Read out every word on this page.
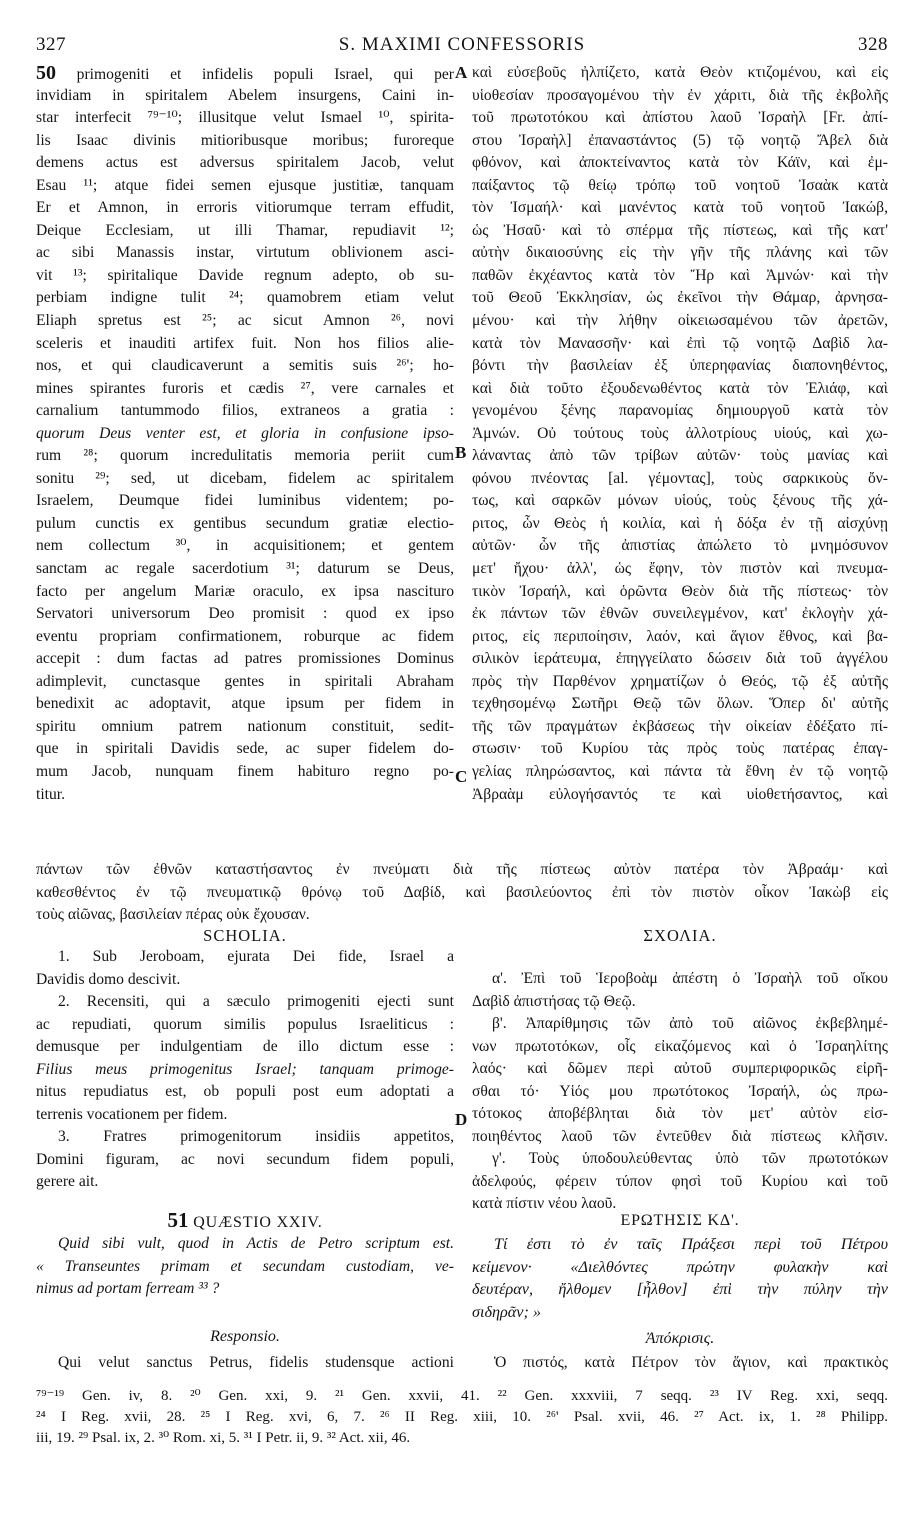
327	S. MAXIMI CONFESSORIS	328
A
B
C
D
50 primogeniti et infidelis populi Israel, qui per
invidiam in spiritalem Abelem insurgens, Caini in-
star interfecit ⁷⁹⁻¹⁰; illusitque velut Ismael ¹⁰, spirita-
lis Isaac divinis mitioribusque moribus; furoreque
demens actus est adversus spiritalem Jacob, velut
Esau ¹¹; atque fidei semen ejusque justitiæ, tanquam
Er et Amnon, in erroris vitiorumque terram effudit,
Deique Ecclesiam, ut illi Thamar, repudiavit ¹²;
ac sibi Manassis instar, virtutum oblivionem asci-
vit ¹³; spiritalique Davide regnum adepto, ob su-
perbiam indigne tulit ²⁴; quamobrem etiam velut
Eliaph spretus est ²⁵; ac sicut Amnon ²⁶, novi
sceleris et inauditi artifex fuit. Non hos filios alie-
nos, et qui claudicaverunt a semitis suis ²⁶'; ho-
mines spirantes furoris et cædis ²⁷, vere carnales et
carnalium tantummodo filios, extraneos a gratia :
quorum Deus venter est, et gloria in confusione ipso-
rum ²⁸; quorum incredulitatis memoria periit cum
sonitu ²⁹; sed, ut dicebam, fidelem ac spiritalem
Israelem, Deumque fidei luminibus videntem; po-
pulum cunctis ex gentibus secundum gratiæ electio-
nem collectum ³⁰, in acquisitionem; et gentem
sanctam ac regale sacerdotium ³¹; daturum se Deus,
facto per angelum Mariæ oraculo, ex ipsa nascituro
Servatori universorum Deo promisit : quod ex ipso
eventu propriam confirmationem, roburque ac fidem
accepit : dum factas ad patres promissiones Dominus
adimplevit, cunctasque gentes in spiritali Abraham
benedixit ac adoptavit, atque ipsum per fidem in
spiritu omnium patrem nationum constituit, sedit-
que in spiritali Davidis sede, ac super fidelem do-
mum Jacob, nunquam finem habituro regno po-
titur.
καὶ εὐσεβοῦς ἠλπίζετο, κατὰ Θεὸν κτιζομένου, καὶ εἰς
υἱοθεσίαν προσαγομένου τὴν ἐν χάριτι, διὰ τῆς ἐκβολῆς
τοῦ πρωτοτόκου καὶ ἀπίστου λαοῦ Ἰσραὴλ [Fr. ἀπί-
στου Ἰσραὴλ] ἐπαναστάντος (5) τῷ νοητῷ Ἄβελ διὰ
φθόνον, καὶ ἀποκτείναντος κατὰ τὸν Κάϊν, καὶ ἐμ-
παίξαντος τῷ θείῳ τρόπῳ τοῦ νοητοῦ Ἰσαὰκ κατὰ
τὸν Ἰσμαήλ· καὶ μανέντος κατὰ τοῦ νοητοῦ Ἰακώβ,
ὡς Ἠσαῦ· καὶ τὸ σπέρμα τῆς πίστεως, καὶ τῆς κατ'
αὐτὴν δικαιοσύνης εἰς τὴν γῆν τῆς πλάνης καὶ τῶν
παθῶν ἐκχέαντος κατὰ τὸν Ἤρ καὶ Ἀμνών· καὶ τὴν
τοῦ Θεοῦ Ἐκκλησίαν, ὡς ἐκεῖνοι τὴν Θάμαρ, ἀρνησα-
μένου· καὶ τὴν λήθην οἰκειωσαμένου τῶν ἀρετῶν,
κατὰ τὸν Μανασσῆν· καὶ ἐπὶ τῷ νοητῷ Δαβὶδ λα-
βόντι τὴν βασιλείαν ἐξ ὑπερηφανίας διαπονηθέντος,
καὶ διὰ τοῦτο ἐξουδενωθέντος κατὰ τὸν Ἐλιάφ, καὶ
γενομένου ξένης παρανομίας δημιουργοῦ κατὰ τὸν
Ἀμνών. Οὐ τούτους τοὺς ἀλλοτρίους υἱούς, καὶ χω-
λάναντας ἀπὸ τῶν τρίβων αὐτῶν· τοὺς μανίας καὶ
φόνου πνέοντας [al. γέμοντας], τοὺς σαρκικοὺς ὄν-
τως, καὶ σαρκῶν μόνων υἱούς, τοὺς ξένους τῆς χά-
ριτος, ὧν Θεὸς ἡ κοιλία, καὶ ἡ δόξα ἐν τῇ αἰσχύνῃ
αὐτῶν· ὧν τῆς ἀπιστίας ἀπώλετο τὸ μνημόσυνον
μετ' ἤχου· ἀλλ', ὡς ἔφην, τὸν πιστὸν καὶ πνευμα-
τικὸν Ἰσραήλ, καὶ ὁρῶντα Θεὸν διὰ τῆς πίστεως· τὸν
ἐκ πάντων τῶν ἐθνῶν συνειλεγμένον, κατ' ἐκλογὴν χά-
ριτος, εἰς περιποίησιν, λαόν, καὶ ἅγιον ἔθνος, καὶ βα-
σιλικὸν ἱεράτευμα, ἐπηγγείλατο δώσειν διὰ τοῦ ἀγγέλου
πρὸς τὴν Παρθένον χρηματίζων ὁ Θεός, τῷ ἐξ αὐτῆς
τεχθησομένῳ Σωτῆρι Θεῷ τῶν ὅλων. Ὅπερ δι' αὐτῆς
τῆς τῶν πραγμάτων ἐκβάσεως τὴν οἰκείαν ἐδέξατο πί-
στωσιν· τοῦ Κυρίου τὰς πρὸς τοὺς πατέρας ἐπαγ-
γελίας πληρώσαντος, καὶ πάντα τὰ ἔθνη ἐν τῷ νοητῷ
Ἀβραὰμ εὐλογήσαντός τε καὶ υἱοθετήσαντος, καὶ
πάντων τῶν ἐθνῶν καταστήσαντος ἐν πνεύματι διὰ τῆς πίστεως αὐτὸν πατέρα τὸν Ἀβραάμ· καὶ
καθεσθέντος ἐν τῷ πνευματικῷ θρόνῳ τοῦ Δαβίδ, καὶ βασιλεύοντος ἐπὶ τὸν πιστὸν οἶκον Ἰακὼβ εἰς
τοὺς αἰῶνας, βασιλείαν πέρας οὐκ ἔχουσαν.
SCHOLIA.	ΣΧΟΛΙΑ.
1. Sub Jeroboam, ejurata Dei fide, Israel a
Davidis domo descivit.
2. Recensiti, qui a sæculo primogeniti ejecti sunt
ac repudiati, quorum similis populus Israeliticus :
demusque per indulgentiam de illo dictum esse :
Filius meus primogenitus Israel; tanquam primoge-
nitus repudiatus est, ob populi post eum adoptati a
terrenis vocationem per fidem.
3. Fratres primogenitorum insidiis appetitos,
Domini figuram, ac novi secundum fidem populi,
gerere ait.
α'. Ἐπὶ τοῦ Ἱεροβοὰμ ἀπέστη ὁ Ἰσραὴλ τοῦ οἴκου
Δαβὶδ ἀπιστήσας τῷ Θεῷ.
β'. Ἀπαρίθμησις τῶν ἀπὸ τοῦ αἰῶνος ἐκβεβλημέ-
νων πρωτοτόκων, οἷς εἰκαζόμενος καὶ ὁ Ἰσραηλίτης
λαός· καὶ δῶμεν περὶ αὐτοῦ συμπεριφορικῶς εἰρῆ-
σθαι τό· Υἱός μου πρωτότοκος Ἰσραήλ, ὡς πρω-
τότοκος ἀποβέβληται διὰ τὸν μετ' αὐτὸν εἰσ-
ποιηθέντος λαοῦ τῶν ἐντεῦθεν διὰ πίστεως κλῆσιν.
γ'. Τοὺς ὑποδουλεύθεντας ὑπὸ τῶν πρωτοτόκων
ἀδελφούς, φέρειν τύπον φησὶ τοῦ Κυρίου καὶ τοῦ
κατὰ πίστιν νέου λαοῦ.
51 QUÆSTIO XXIV.
Quid sibi vult, quod in Actis de Petro scriptum est.
« Transeuntes primam et secundam custodiam, ve-
nimus ad portam ferream ³³ ?
Responsio.
Qui velut sanctus Petrus, fidelis studensque actioni
ΕΡΩΤΗΣΙΣ ΚΔ'.
Τί ἐστι τὸ ἐν ταῖς Πράξεσι περὶ τοῦ Πέτρου
κείμενον· «Διελθόντες πρώτην φυλακὴν καὶ
δευτέραν, ἤλθομεν [ἦλθον] ἐπὶ τὴν πύλην τὴν
σιδηρᾶν; »
Ἀπόκρισις.
Ὁ πιστός, κατὰ Πέτρον τὸν ἅγιον, καὶ πρακτικὸς
⁷⁹⁻¹⁹ Gen. iv, 8. ²⁰ Gen. xxi, 9. ²¹ Gen. xxvii, 41. ²² Gen. xxxviii, 7 seqq. ²³ IV Reg. xxi, seqq.
²⁴ I Reg. xvii, 28. ²⁵ I Reg. xvi, 6, 7. ²⁶ II Reg. xiii, 10. ²⁶' Psal. xvii, 46. ²⁷ Act. ix, 1. ²⁸ Philipp.
iii, 19. ²⁹ Psal. ix, 2. ³⁰ Rom. xi, 5. ³¹ I Petr. ii, 9. ³² Act. xii, 46.
